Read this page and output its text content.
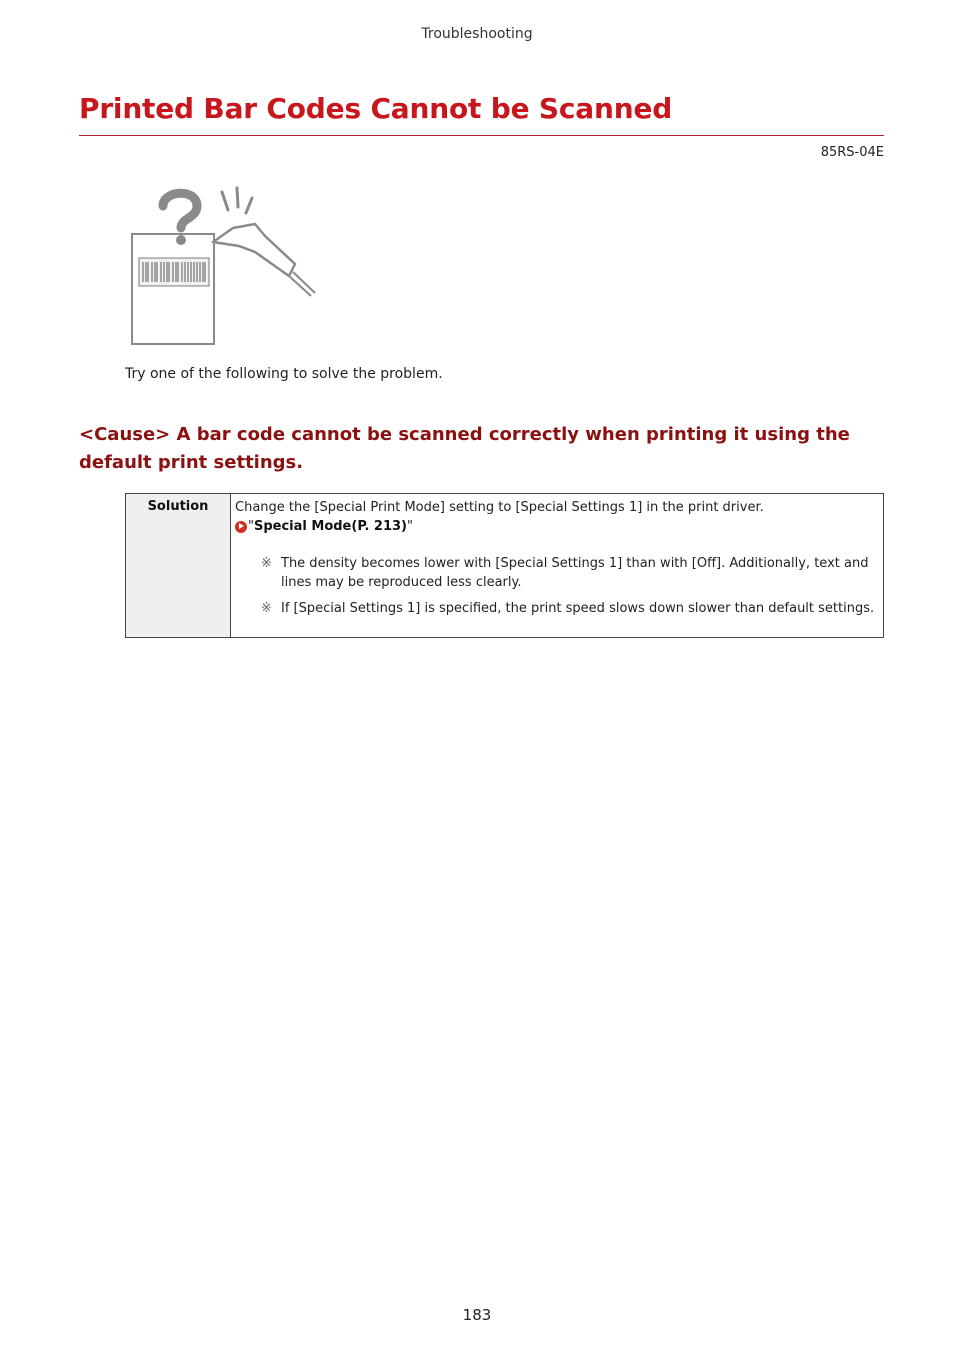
Troubleshooting
Printed Bar Codes Cannot be Scanned
85RS-04E
Try one of the following to solve the problem.
<Cause> A bar code cannot be scanned correctly when printing it using the default print settings.
Solution	Change the [Special Print Mode] setting to [Special Settings 1] in the print driver.
" Special Mode(P. 213) "
※ The density becomes lower with [Special Settings 1] than with [Off]. Additionally, text and lines may be reproduced less clearly.
※ If [Special Settings 1] is specified, the print speed slows down slower than default settings.
183
